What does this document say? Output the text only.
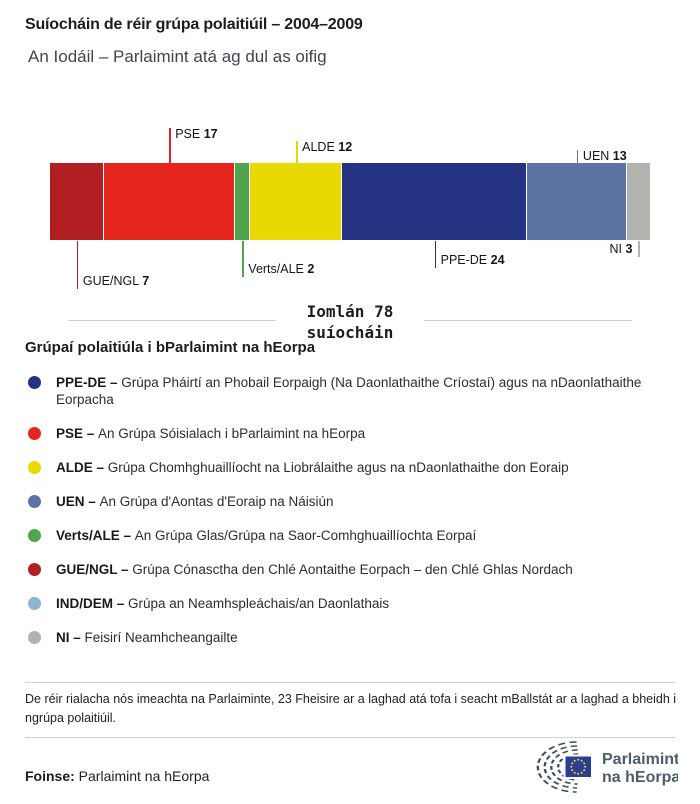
Suíocháin de réir grúpa polaitiúil – 2004–2009
An Iodáil – Parlaimint atá ag dul as oifig
GUE/NGL 7
PSE 17
Verts/ALE 2
ALDE 12
PPE-DE 24
UEN 13
NI 3
Iomlán 78
suíocháin
Grúpaí polaitiúla i bParlaimint na hEorpa
PPE-DE – Grúpa Pháirtí an Phobail Eorpaigh (Na Daonlathaithe Críostaí) agus na nDaonlathaithe Eorpacha
PSE – An Grúpa Sóisialach i bParlaimint na hEorpa
ALDE – Grúpa Chomhghuaillíocht na Liobrálaithe agus na nDaonlathaithe don Eoraip
UEN – An Grúpa d'Aontas d'Eoraip na Náisiún
Verts/ALE – An Grúpa Glas/Grúpa na Saor-Comhghuaillíochta Eorpaí
GUE/NGL – Grúpa Cónasctha den Chlé Aontaithe Eorpach – den Chlé Ghlas Nordach
IND/DEM – Grúpa an Neamhspleáchais/an Daonlathais
NI – Feisirí Neamhcheangailte
De réir rialacha nós imeachta na Parlaiminte, 23 Fheisire ar a laghad atá tofa i seacht mBallstát ar a laghad a bheidh i ngrúpa polaitiúil.
Foinse: Parlaimint na hEorpa
Parlaimint
na hEorpa
